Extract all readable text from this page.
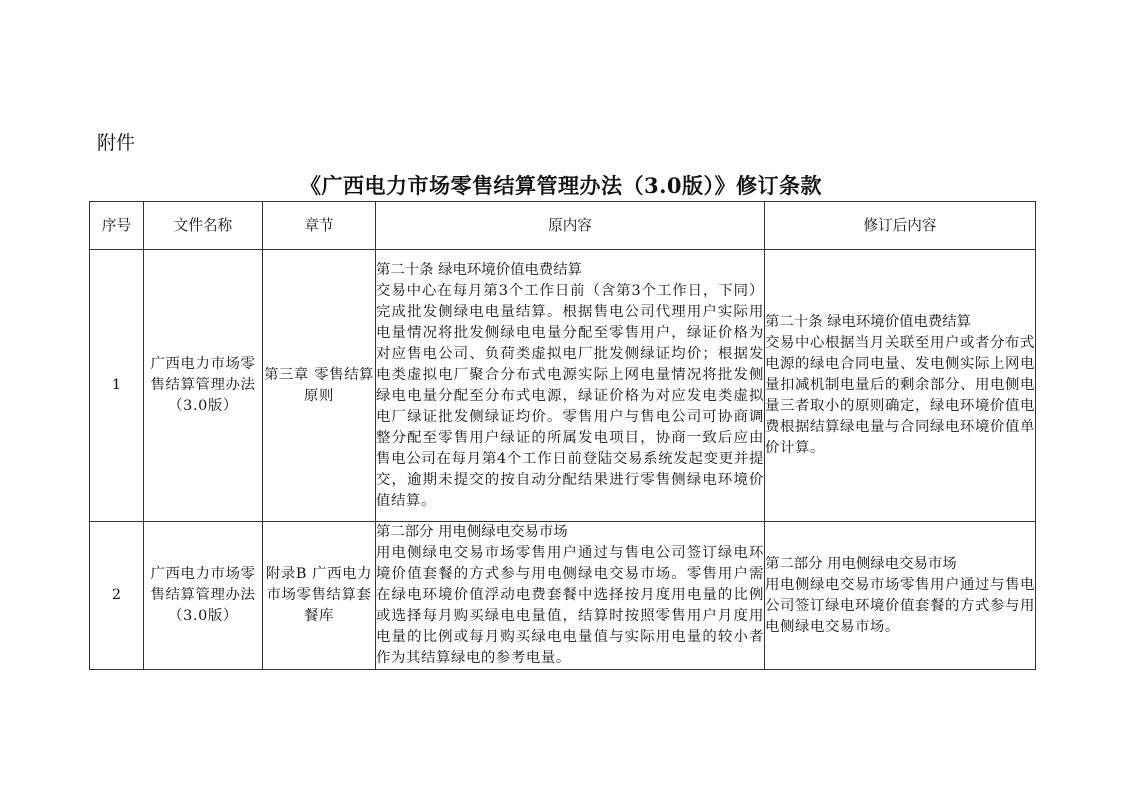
附件
《广西电力市场零售结算管理办法（3.0版）》修订条款
序号	文件名称	章节	原内容	修订后内容
1	广西电力市场零售结算管理办法（3.0版）	第三章 零售结算原则	第二十条 绿电环境价值电费结算
交易中心在每月第3个工作日前（含第3个工作日，下同）完成批发侧绿电电量结算。根据售电公司代理用户实际用电量情况将批发侧绿电电量分配至零售用户，绿证价格为对应售电公司、负荷类虚拟电厂批发侧绿证均价；根据发电类虚拟电厂聚合分布式电源实际上网电量情况将批发侧绿电电量分配至分布式电源，绿证价格为对应发电类虚拟电厂绿证批发侧绿证均价。零售用户与售电公司可协商调整分配至零售用户绿证的所属发电项目，协商一致后应由售电公司在每月第4个工作日前登陆交易系统发起变更并提交，逾期未提交的按自动分配结果进行零售侧绿电环境价值结算。	第二十条 绿电环境价值电费结算
交易中心根据当月关联至用户或者分布式电源的绿电合同电量、发电侧实际上网电量扣减机制电量后的剩余部分、用电侧电量三者取小的原则确定，绿电环境价值电费根据结算绿电量与合同绿电环境价值单价计算。

2	广西电力市场零售结算管理办法（3.0版）	附录B 广西电力市场零售结算套餐库	第二部分 用电侧绿电交易市场
用电侧绿电交易市场零售用户通过与售电公司签订绿电环境价值套餐的方式参与用电侧绿电交易市场。零售用户需在绿电环境价值浮动电费套餐中选择按月度用电量的比例或选择每月购买绿电电量值，结算时按照零售用户月度用电量的比例或每月购买绿电电量值与实际用电量的较小者作为其结算绿电的参考电量。	第二部分 用电侧绿电交易市场
用电侧绿电交易市场零售用户通过与售电公司签订绿电环境价值套餐的方式参与用电侧绿电交易市场。
